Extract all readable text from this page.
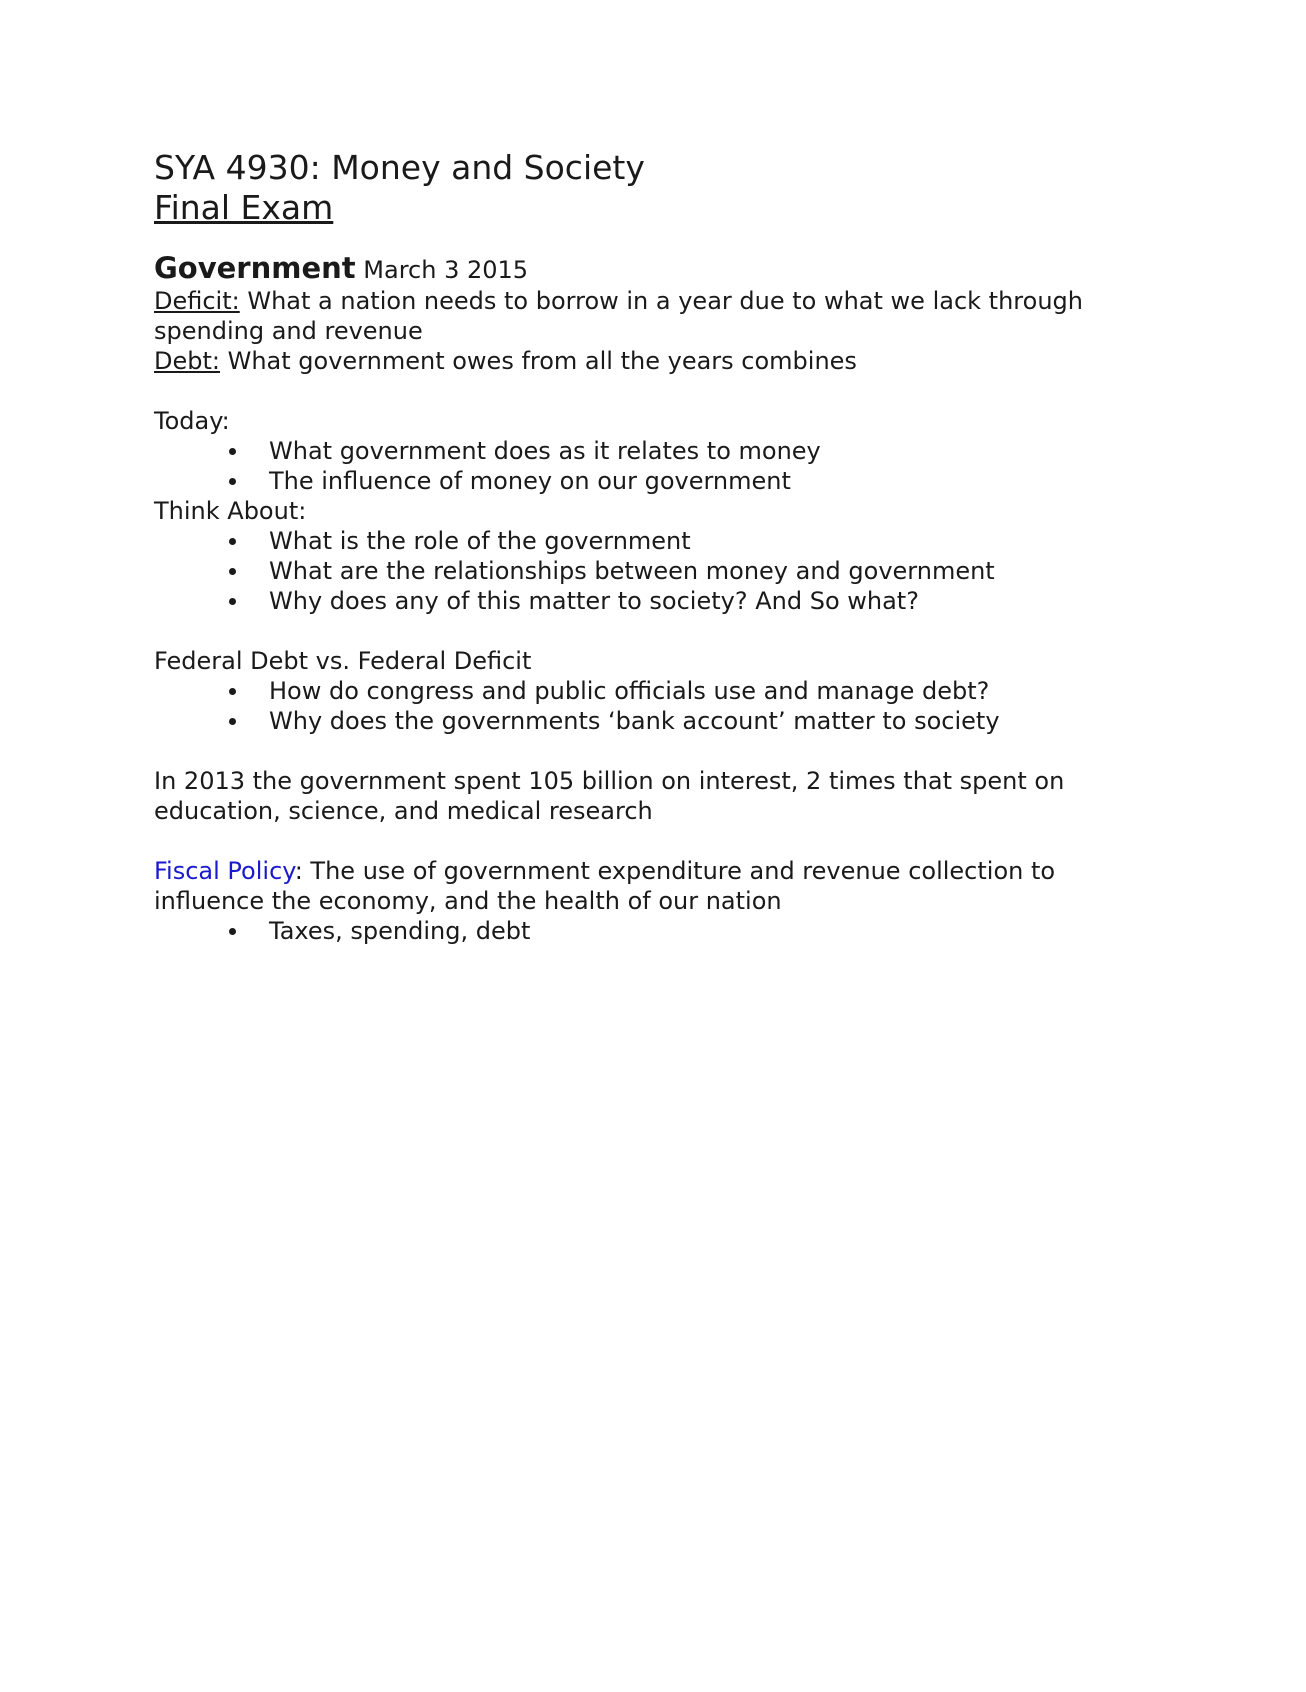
SYA 4930: Money and Society

Final Exam

Government March 3 2015

Deficit: What a nation needs to borrow in a year due to what we lack through spending and revenue

Debt: What government owes from all the years combines

Today:

What government does as it relates to money
The influence of money on our government

Think About:

What is the role of the government
What are the relationships between money and government
Why does any of this matter to society? And So what?

Federal Debt vs. Federal Deficit

How do congress and public officials use and manage debt?
Why does the governments ‘bank account’ matter to society

In 2013 the government spent 105 billion on interest, 2 times that spent on education, science, and medical research

Fiscal Policy: The use of government expenditure and revenue collection to influence the economy, and the health of our nation

Taxes, spending, debt
